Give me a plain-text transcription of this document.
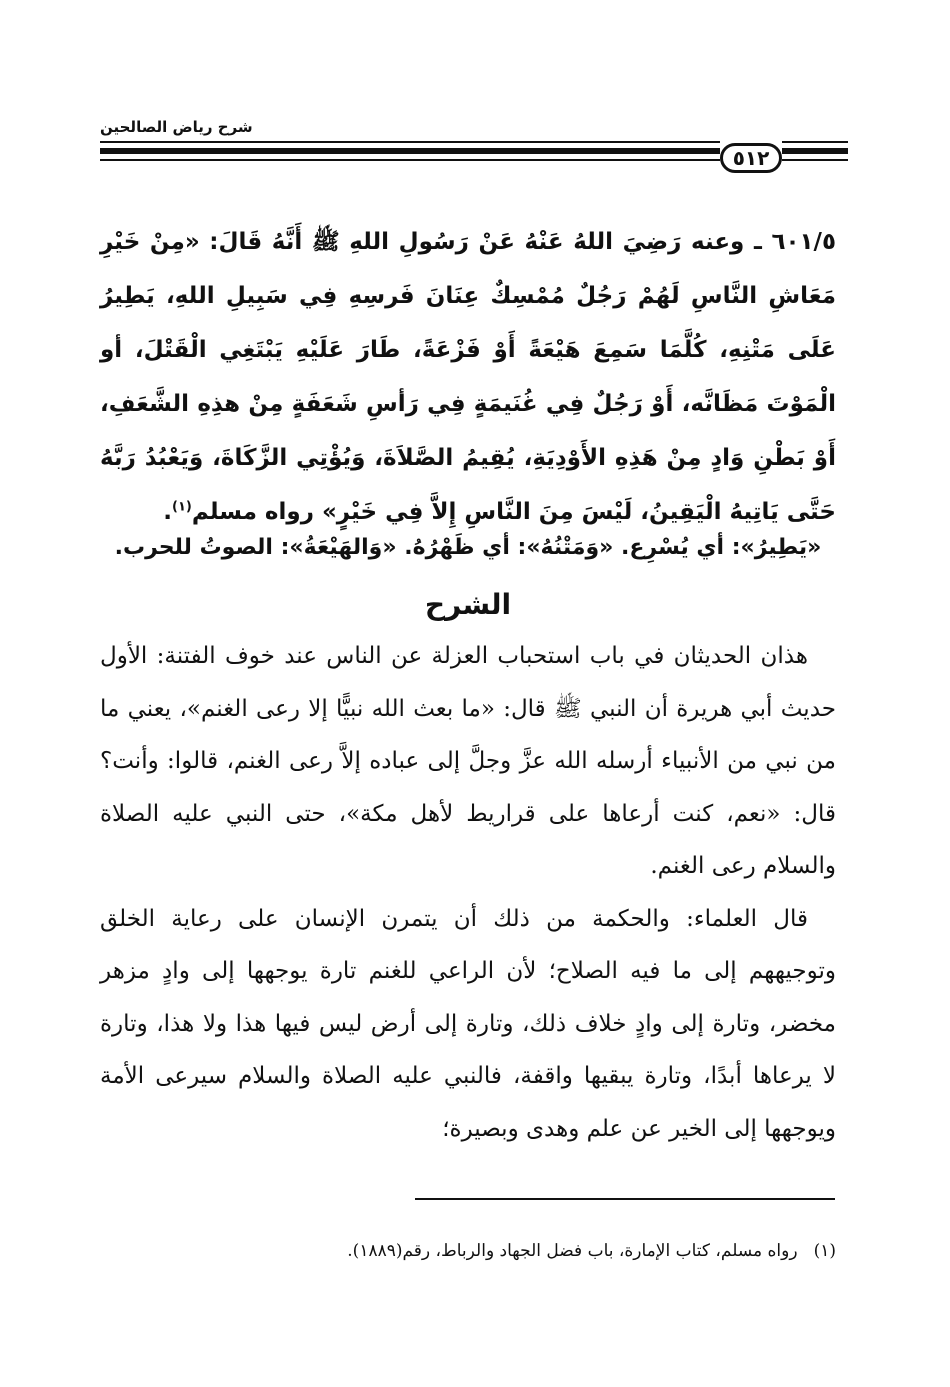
شرح رياض الصالحين
٥١٢
٦٠١/٥ ـ وعنه رَضِيَ اللهُ عَنْهُ عَنْ رَسُولِ اللهِ ﷺ أَنَّهُ قَالَ: «مِنْ خَيْرِ مَعَاشِ النَّاسِ لَهُمْ رَجُلٌ مُمْسِكٌ عِنَانَ فَرسِهِ فِي سَبِيلِ اللهِ، يَطِيرُ عَلَى مَتْنِهِ، كُلَّمَا سَمِعَ هَيْعَةً أَوْ فَزْعَةً، طَارَ عَلَيْهِ يَبْتَغِي الْقَتْلَ، أو الْمَوْتَ مَظَانَّه، أَوْ رَجُلٌ فِي غُنَيمَةٍ فِي رَأسِ شَعَفَةٍ مِنْ هذِهِ الشَّعَفِ، أَوْ بَطْنِ وَادٍ مِنْ هَذِهِ الأَوْدِيَةِ، يُقِيمُ الصَّلاَةَ، وَيُؤْتِي الزَّكَاةَ، وَيَعْبُدُ رَبَّهُ حَتَّى يَاتِيهُ الْيَقِينُ، لَيْسَ مِنَ النَّاسِ إِلاَّ فِي خَيْرٍ» رواه مسلم$^{(١)}$.
«يَطِيرُ»: أي يُسْرِع. «وَمَتْنُهُ»: أي ظَهْرُهُ. «وَالهَيْعَةُ»: الصوتُ للحرب.
الشرح

هذان الحديثان في باب استحباب العزلة عن الناس عند خوف الفتنة: الأول حديث أبي هريرة أن النبي ﷺ قال: «ما بعث الله نبيًّا إلا رعى الغنم»، يعني ما من نبي من الأنبياء أرسله الله عزَّ وجلَّ إلى عباده إلاَّ رعى الغنم، قالوا: وأنت؟ قال: «نعم، كنت أرعاها على قراريط لأهل مكة»، حتى النبي عليه الصلاة والسلام رعى الغنم.

قال العلماء: والحكمة من ذلك أن يتمرن الإنسان على رعاية الخلق وتوجيههم إلى ما فيه الصلاح؛ لأن الراعي للغنم تارة يوجهها إلى وادٍ مزهر مخضر، وتارة إلى وادٍ خلاف ذلك، وتارة إلى أرض ليس فيها هذا ولا هذا، وتارة لا يرعاها أبدًا، وتارة يبقيها واقفة، فالنبي عليه الصلاة والسلام سيرعى الأمة ويوجهها إلى الخير عن علم وهدى وبصيرة؛

(١)رواه مسلم، كتاب الإمارة، باب فضل الجهاد والرباط، رقم(١٨٨٩).
